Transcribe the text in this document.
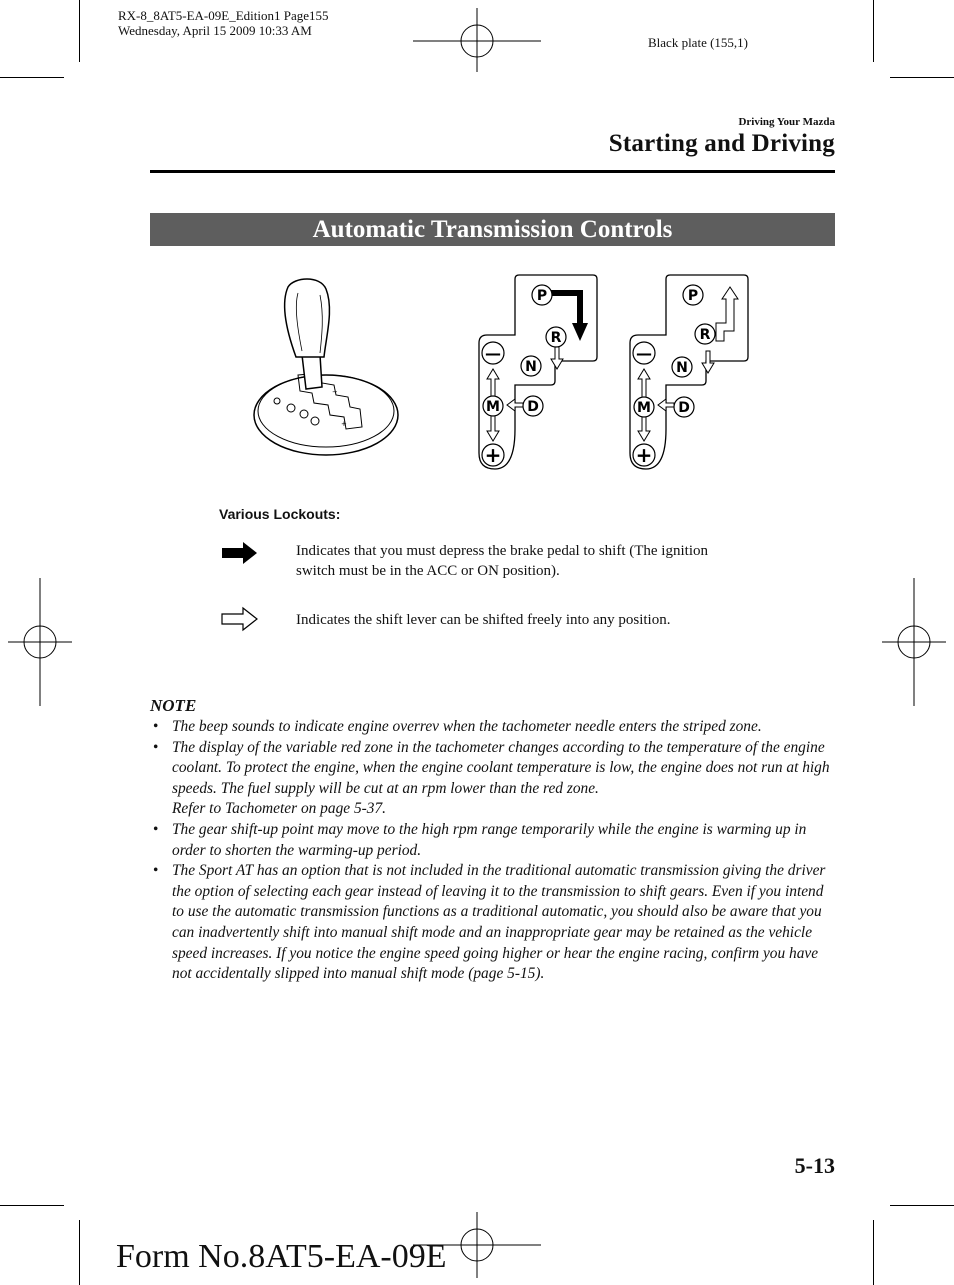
RX-8_8AT5-EA-09E_Edition1 Page155
Wednesday, April 15 2009 10:33 AM
Black plate (155,1)
Driving Your Mazda
Starting and Driving
Automatic Transmission Controls
+
−
P
R
N
D
M
—
+
P
R
N
D
M
—
+
Various Lockouts:
Indicates that you must depress the brake pedal to shift (The ignition
switch must be in the ACC or ON position).
Indicates the shift lever can be shifted freely into any position.
NOTE
• The beep sounds to indicate engine overrev when the tachometer needle enters the striped zone.
• The display of the variable red zone in the tachometer changes according to the temperature of the engine coolant. To protect the engine, when the engine coolant temperature is low, the engine does not run at high speeds. The fuel supply will be cut at an rpm lower than the red zone.
Refer to Tachometer on page 5-37.
• The gear shift-up point may move to the high rpm range temporarily while the engine is warming up in order to shorten the warming-up period.
• The Sport AT has an option that is not included in the traditional automatic transmission giving the driver the option of selecting each gear instead of leaving it to the transmission to shift gears. Even if you intend to use the automatic transmission functions as a traditional automatic, you should also be aware that you can inadvertently shift into manual shift mode and an inappropriate gear may be retained as the vehicle speed increases. If you notice the engine speed going higher or hear the engine racing, confirm you have not accidentally slipped into manual shift mode (page 5-15).
5-13
Form No.8AT5-EA-09E
